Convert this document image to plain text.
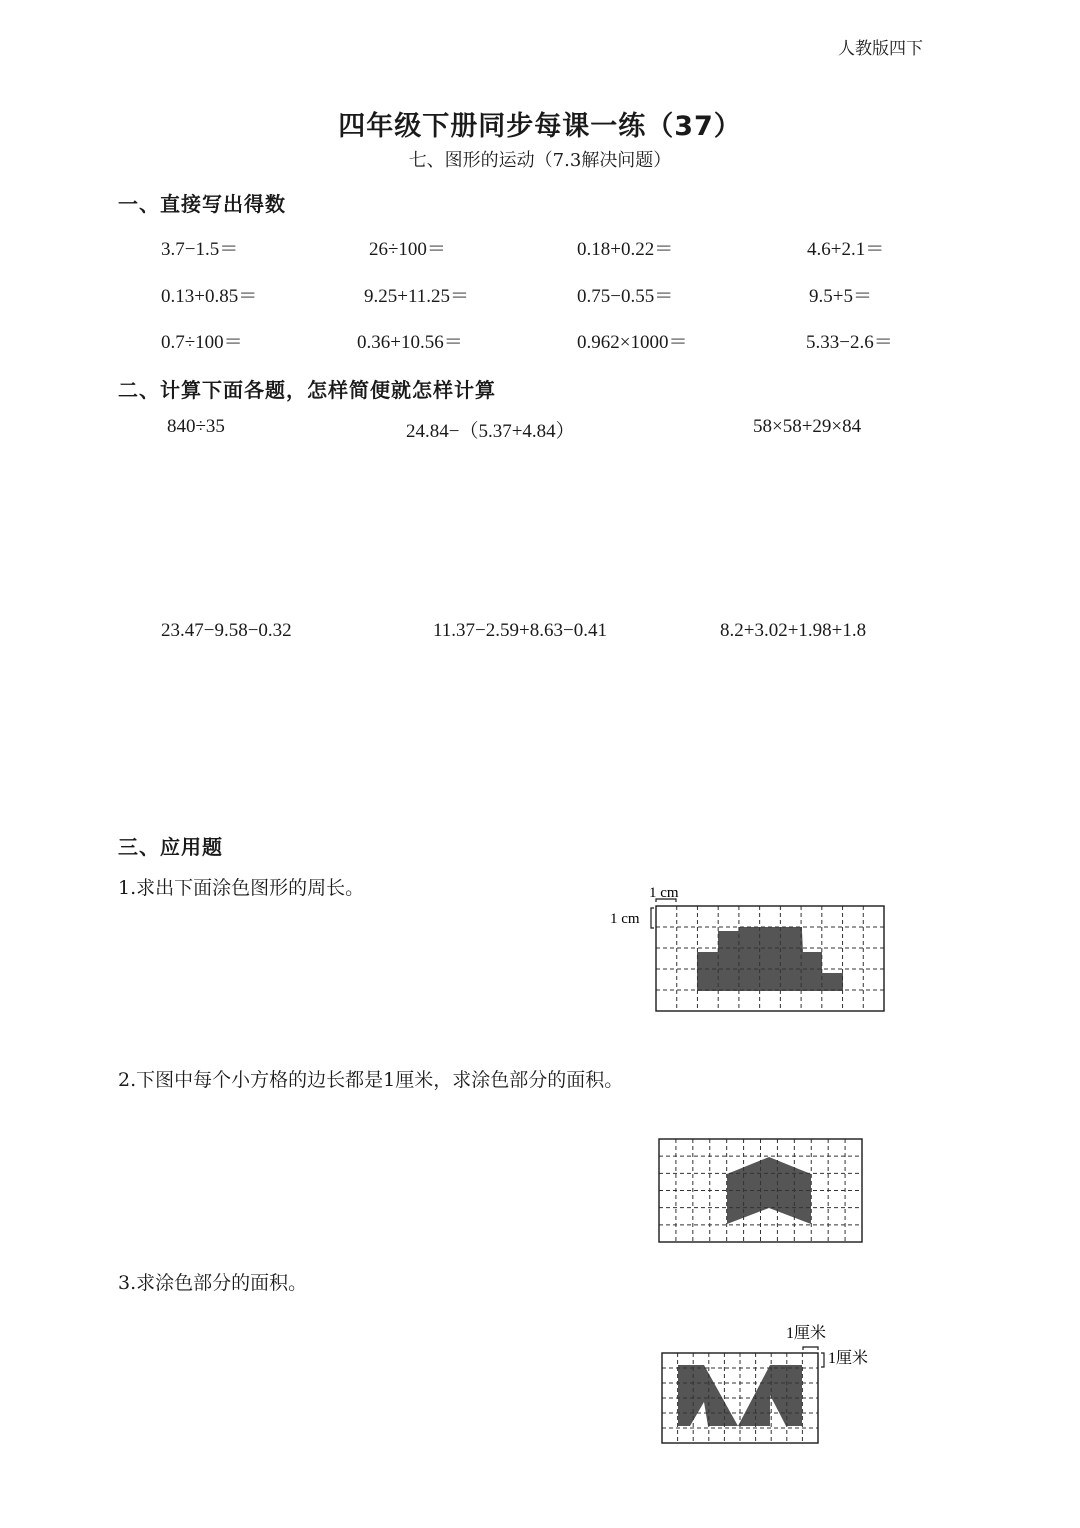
人教版四下
四年级下册同步每课一练（37）
七、图形的运动（7.3解决问题）
一、直接写出得数
3.7−1.5＝	26÷100＝	0.18+0.22＝	4.6+2.1＝
0.13+0.85＝	9.25+11.25＝	0.75−0.55＝	9.5+5＝
0.7÷100＝	0.36+10.56＝	0.962×1000＝	5.33−2.6＝
二、计算下面各题，怎样简便就怎样计算
840÷35	24.84−（5.37+4.84）	58×58+29×84
23.47−9.58−0.32	11.37−2.59+8.63−0.41	8.2+3.02+1.98+1.8
三、应用题
1.求出下面涂色图形的周长。
2.下图中每个小方格的边长都是1厘米，求涂色部分的面积。
3.求涂色部分的面积。
1 cm
1 cm
1厘米
1厘米
